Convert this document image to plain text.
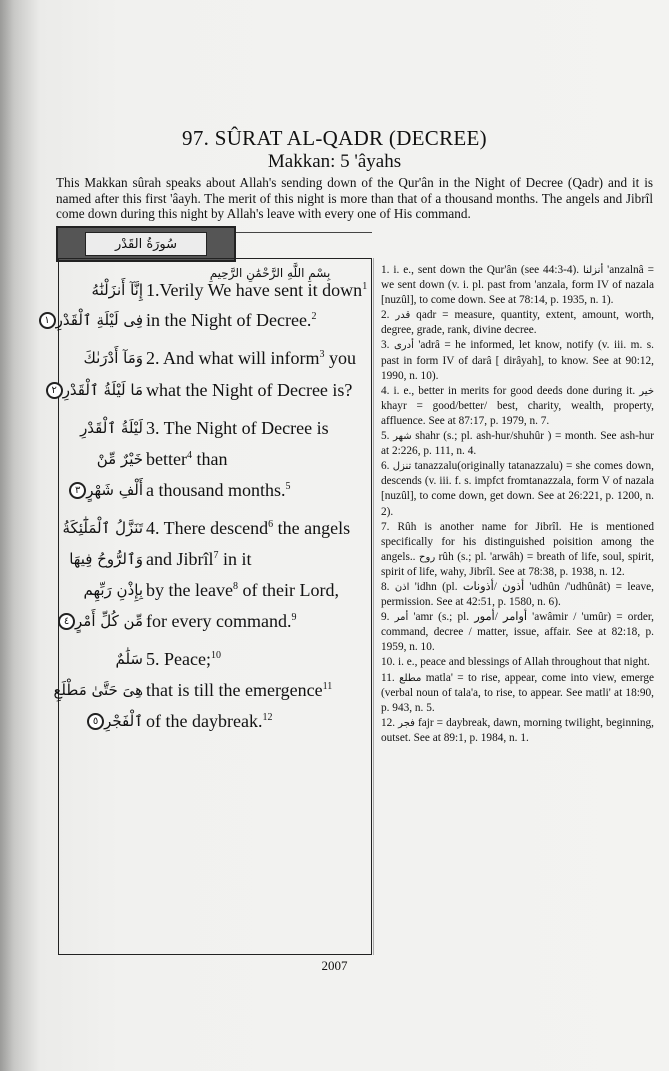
97. SÛRAT AL-QADR (DECREE)
Makkan: 5 'âyahs
This Makkan sûrah speaks about Allah's sending down of the Qur'ân in the Night of Decree (Qadr) and it is named after this first 'âayh. The merit of this night is more than that of a thousand months. The angels and Jibrîl come down during this night by Allah's leave with every one of His command.
سُورَةُ القَدْر
بِسْمِ اللَّهِ الرَّحْمَٰنِ الرَّحِيمِ
إِنَّآ أَنزَلْنَٰهُ 1.Verily We have sent it down$^1$
فِى لَيْلَةِ ٱلْقَدْرِ١	in the Night of Decree.$^2$
وَمَآ أَدْرَىٰكَ 2. And what will inform$^3$ you
مَا لَيْلَةُ ٱلْقَدْرِ٢	what the Night of Decree is?
لَيْلَةُ ٱلْقَدْرِ 3. The Night of Decree is
خَيْرٌ مِّنْ better$^4$ than
أَلْفِ شَهْرٍ٣	a thousand months.$^5$
تَنَزَّلُ ٱلْمَلَٰٓئِكَةُ 4. There descend$^6$ the angels
وَٱلرُّوحُ فِيهَا and Jibrîl$^7$ in it
بِإِذْنِ رَبِّهِم by the leave$^8$ of their Lord,
مِّن كُلِّ أَمْرٍ٤	for every command.$^9$
سَلَٰمٌ 5. Peace;$^{10}$
هِىَ حَتَّىٰ مَطْلَعِ that is till the emergence$^{11}$
ٱلْفَجْرِ٥	of the daybreak.$^{12}$

1. i. e., sent down the Qur'ân (see 44:3-4). أنزلنا 'anzalnâ = we sent down (v. i. pl. past from 'anzala, form IV of nazala [nuzûl], to come down. See at 78:14, p. 1935, n. 1).

2. قدر qadr = measure, quantity, extent, amount, worth, degree, grade, rank, divine decree.

3. أدرى 'adrâ = he informed, let know, notify (v. iii. m. s. past in form IV of darâ [ dirâyah], to know. See at 90:12, 1990, n. 10).

4. i. e., better in merits for good deeds done during it. خير khayr = good/better/ best, charity, wealth, property, affluence. See at 87:17, p. 1979, n. 7.

5. شهر shahr (s.; pl. ash-hur/shuhûr ) = month. See ash-hur at 2:226, p. 111, n. 4.

6. تنزل tanazzalu(originally tatanazzalu) = she comes down, descends (v. iii. f. s. impfct fromtanazzala, form V of nazala [nuzûl], to come down, get down. See at 26:221, p. 1200, n. 2).

7. Rûh is another name for Jibrîl. He is mentioned specifically for his distinguished poisition among the angels.. روح rûh (s.; pl. 'arwâh) = breath of life, soul, spirit, spirit of life, wahy, Jibrîl. See at 78:38, p. 1938, n. 12.

8. اذن 'idhn (pl. أذون /أذونات 'udhûn /'udhûnât) = leave, permission. See at 42:51, p. 1580, n. 6).

9. أمر 'amr (s.; pl. أوامر /أمور 'awâmir / 'umûr) = order, command, decree / matter, issue, affair. See at 82:18, p. 1959, n. 10.

10. i. e., peace and blessings of Allah throughout that night.

11. مطلع matla' = to rise, appear, come into view, emerge (verbal noun of tala'a, to rise, to appear. See matli' at 18:90, p. 943, n. 5.

12. فجر fajr = daybreak, dawn, morning twilight, beginning, outset. See at 89:1, p. 1984, n. 1.

2007
